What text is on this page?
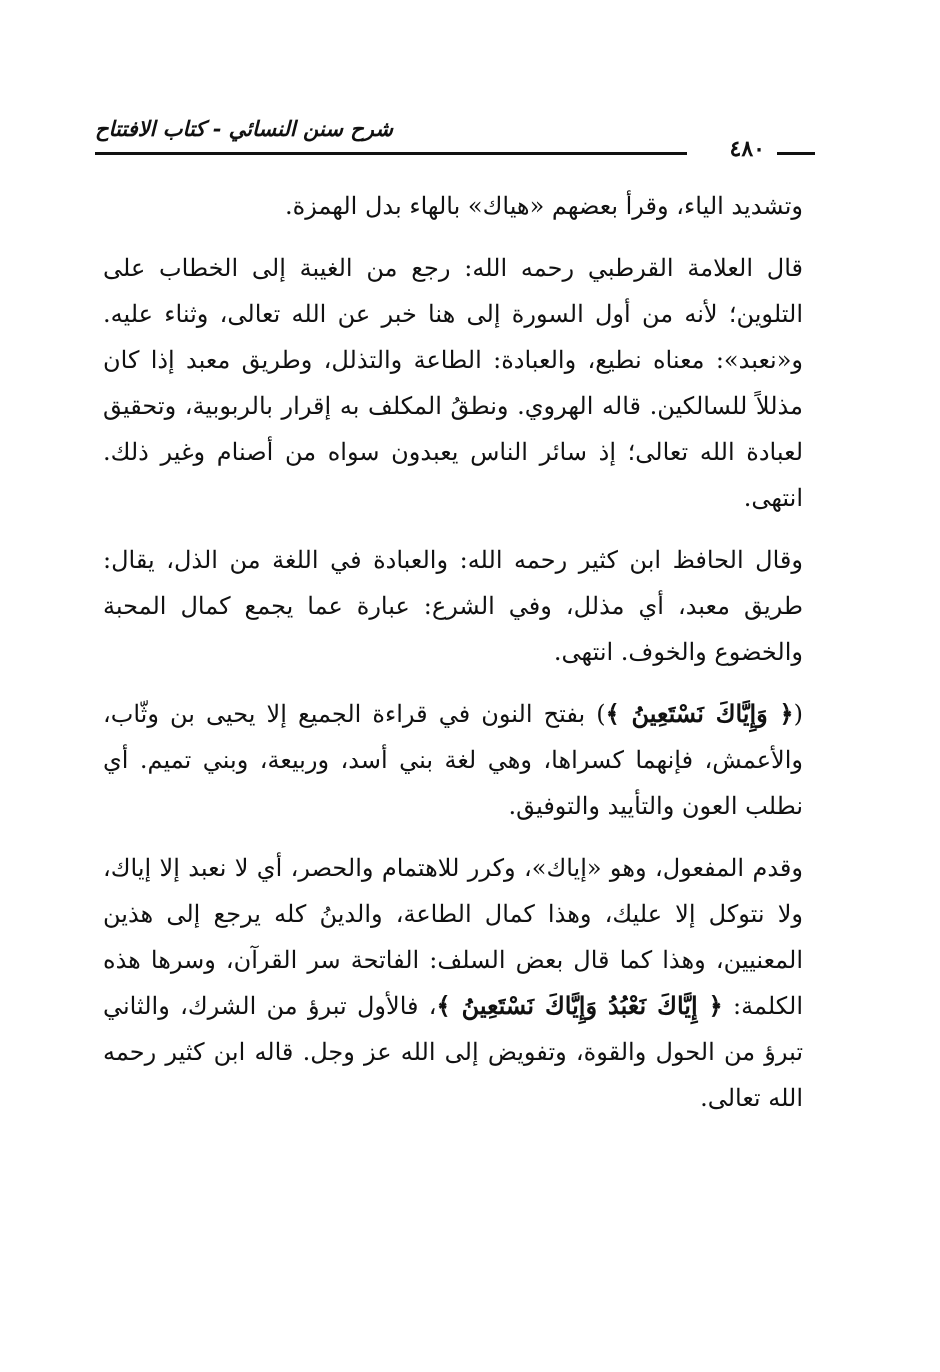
شرح سنن النسائي - كتاب الافتتاح
٤٨٠

وتشديد الياء، وقرأ بعضهم «هياك» بالهاء بدل الهمزة.

قال العلامة القرطبي رحمه الله: رجع من الغيبة إلى الخطاب على التلوين؛ لأنه من أول السورة إلى هنا خبر عن الله تعالى، وثناء عليه. و«نعبد»: معناه نطيع، والعبادة: الطاعة والتذلل، وطريق معبد إذا كان مذللاً للسالكين. قاله الهروي. ونطقُ المكلف به إقرار بالربوبية، وتحقيق لعبادة الله تعالى؛ إذ سائر الناس يعبدون سواه من أصنام وغير ذلك. انتهى.

وقال الحافظ ابن كثير رحمه الله: والعبادة في اللغة من الذل، يقال: طريق معبد، أي مذلل، وفي الشرع: عبارة عما يجمع كمال المحبة والخضوع والخوف. انتهى.

(﴿ وَإِيَّاكَ نَسْتَعِينُ ﴾) بفتح النون في قراءة الجميع إلا يحيى بن وثّاب، والأعمش، فإنهما كسراها، وهي لغة بني أسد، وربيعة، وبني تميم. أي نطلب العون والتأييد والتوفيق.

وقدم المفعول، وهو «إياك»، وكرر للاهتمام والحصر، أي لا نعبد إلا إياك، ولا نتوكل إلا عليك، وهذا كمال الطاعة، والدينُ كله يرجع إلى هذين المعنيين، وهذا كما قال بعض السلف: الفاتحة سر القرآن، وسرها هذه الكلمة: ﴿ إِيَّاكَ نَعْبُدُ وَإِيَّاكَ نَسْتَعِينُ ﴾، فالأول تبرؤ من الشرك، والثاني تبرؤ من الحول والقوة، وتفويض إلى الله عز وجل. قاله ابن كثير رحمه الله تعالى.
